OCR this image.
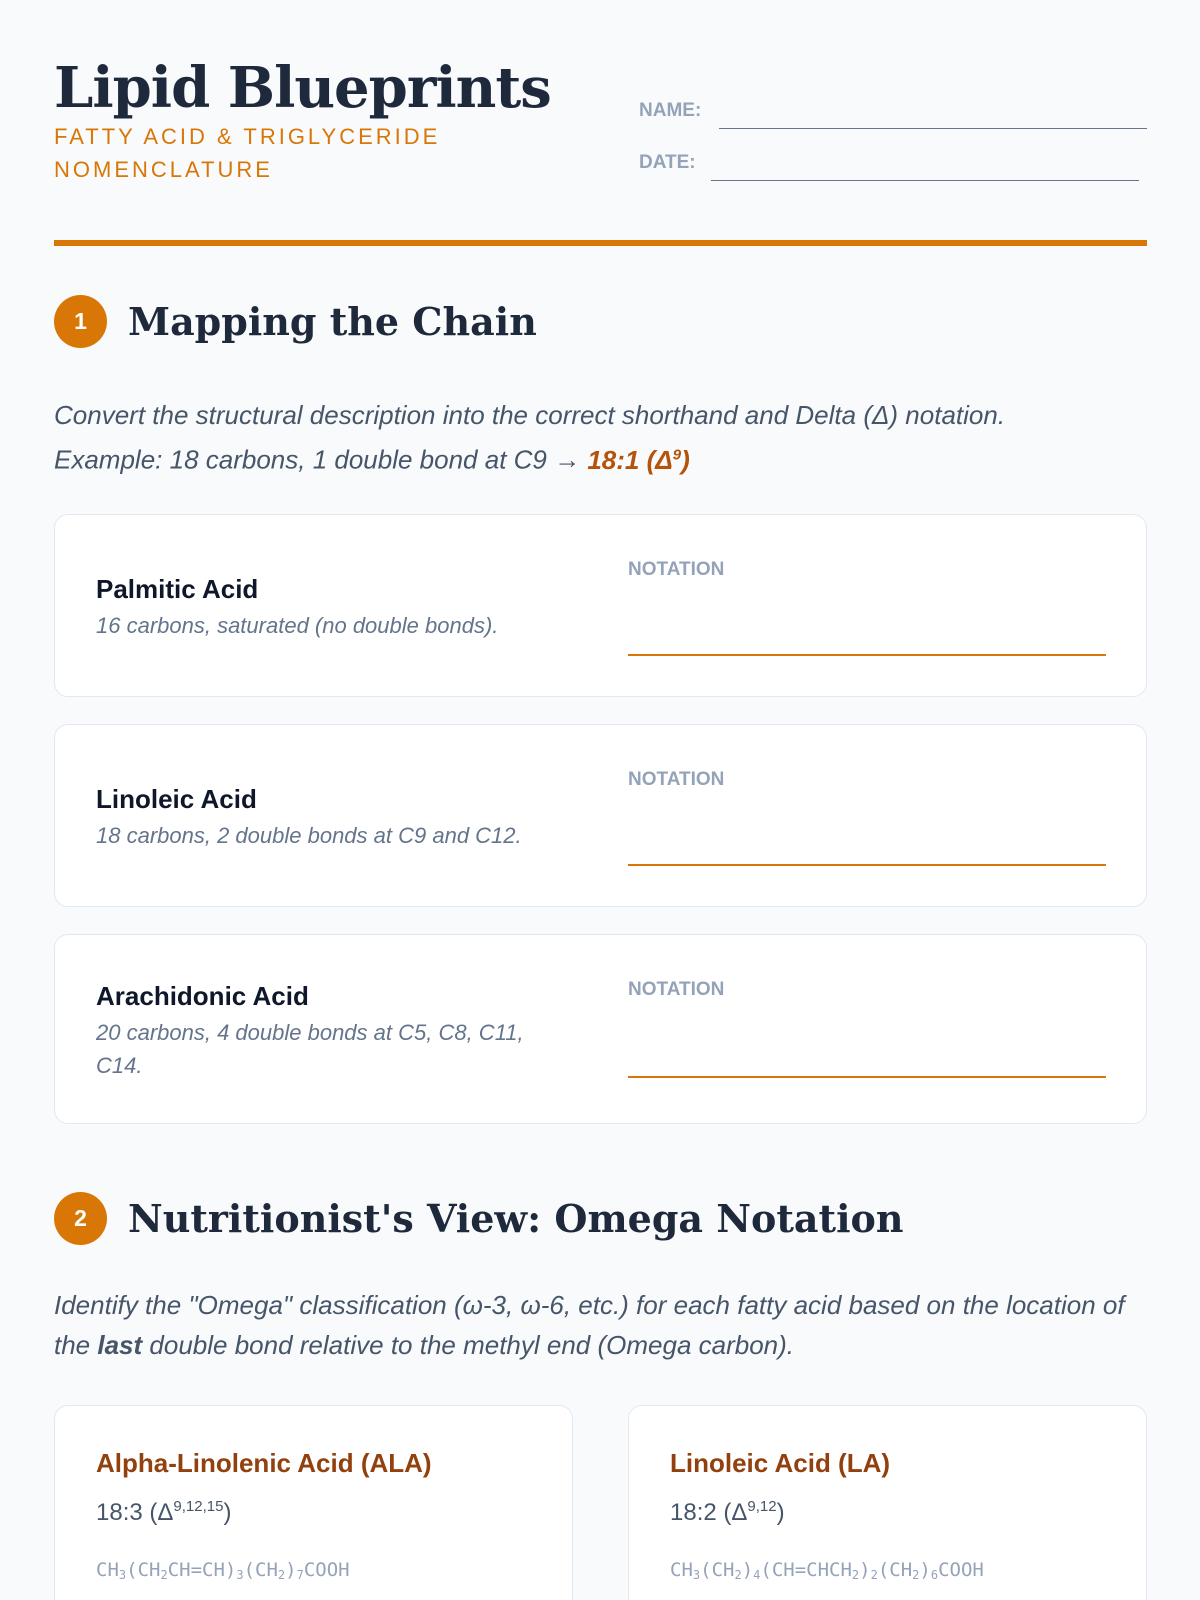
Lipid Blueprints
FATTY ACID & TRIGLYCERIDE NOMENCLATURE
NAME:
DATE:
1	Mapping the Chain
Convert the structural description into the correct shorthand and Delta (Δ) notation.
Example: 18 carbons, 1 double bond at C9 → 18:1 $(\Delta^9)$
Palmitic Acid
16 carbons, saturated (no double bonds).
NOTATION
Linoleic Acid
18 carbons, 2 double bonds at C9 and C12.
NOTATION
Arachidonic Acid
20 carbons, 4 double bonds at C5, C8, C11, C14.
NOTATION
2	Nutritionist's View: Omega Notation
Identify the "Omega" classification (ω-3, ω-6, etc.) for each fatty acid based on the location of the last double bond relative to the methyl end (Omega carbon).
Alpha-Linolenic Acid (ALA)
18:3 $(\Delta^{9,12,15})$
$CH_3(CH_2CH=CH)_3(CH_2)_7COOH$
Linoleic Acid (LA)
18:2 $(\Delta^{9,12})$
$CH_3(CH_2)_4(CH=CHCH_2)_2(CH_2)_6COOH$
